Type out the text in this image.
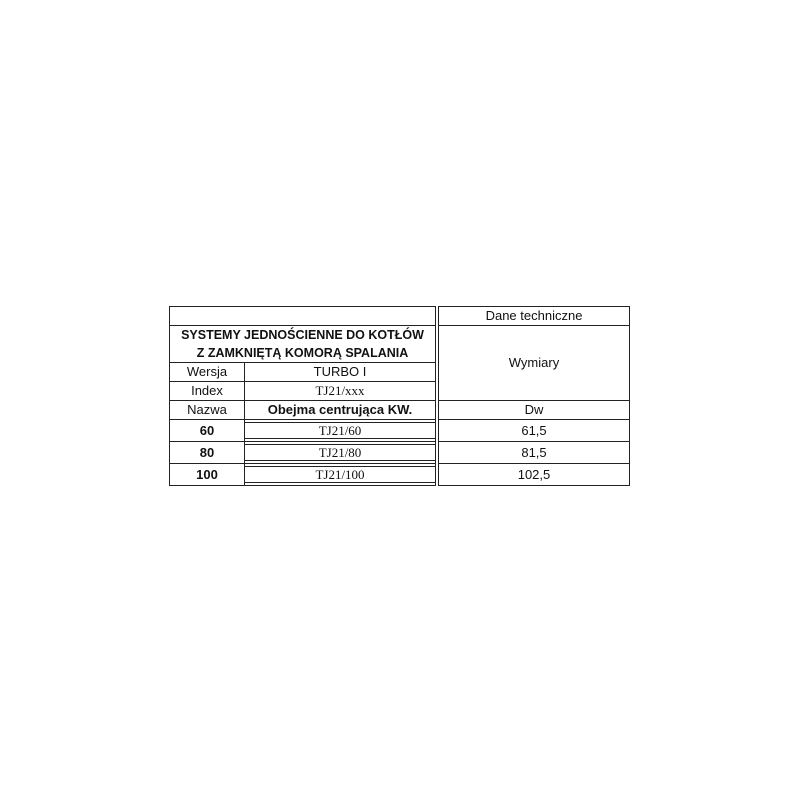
			Dane techniczne

SYSTEMY JEDNOŚCIENNE DO KOTŁÓW
Z ZAMKNIĘTĄ KOMORĄ SPALANIA			Wymiary
Wersja	TURBO I		
Index	TJ21/xxx		
Nazwa	Obejma centrująca KW.		Dw
60	TJ21/60		61,5
80	TJ21/80		81,5
100	TJ21/100		102,5
